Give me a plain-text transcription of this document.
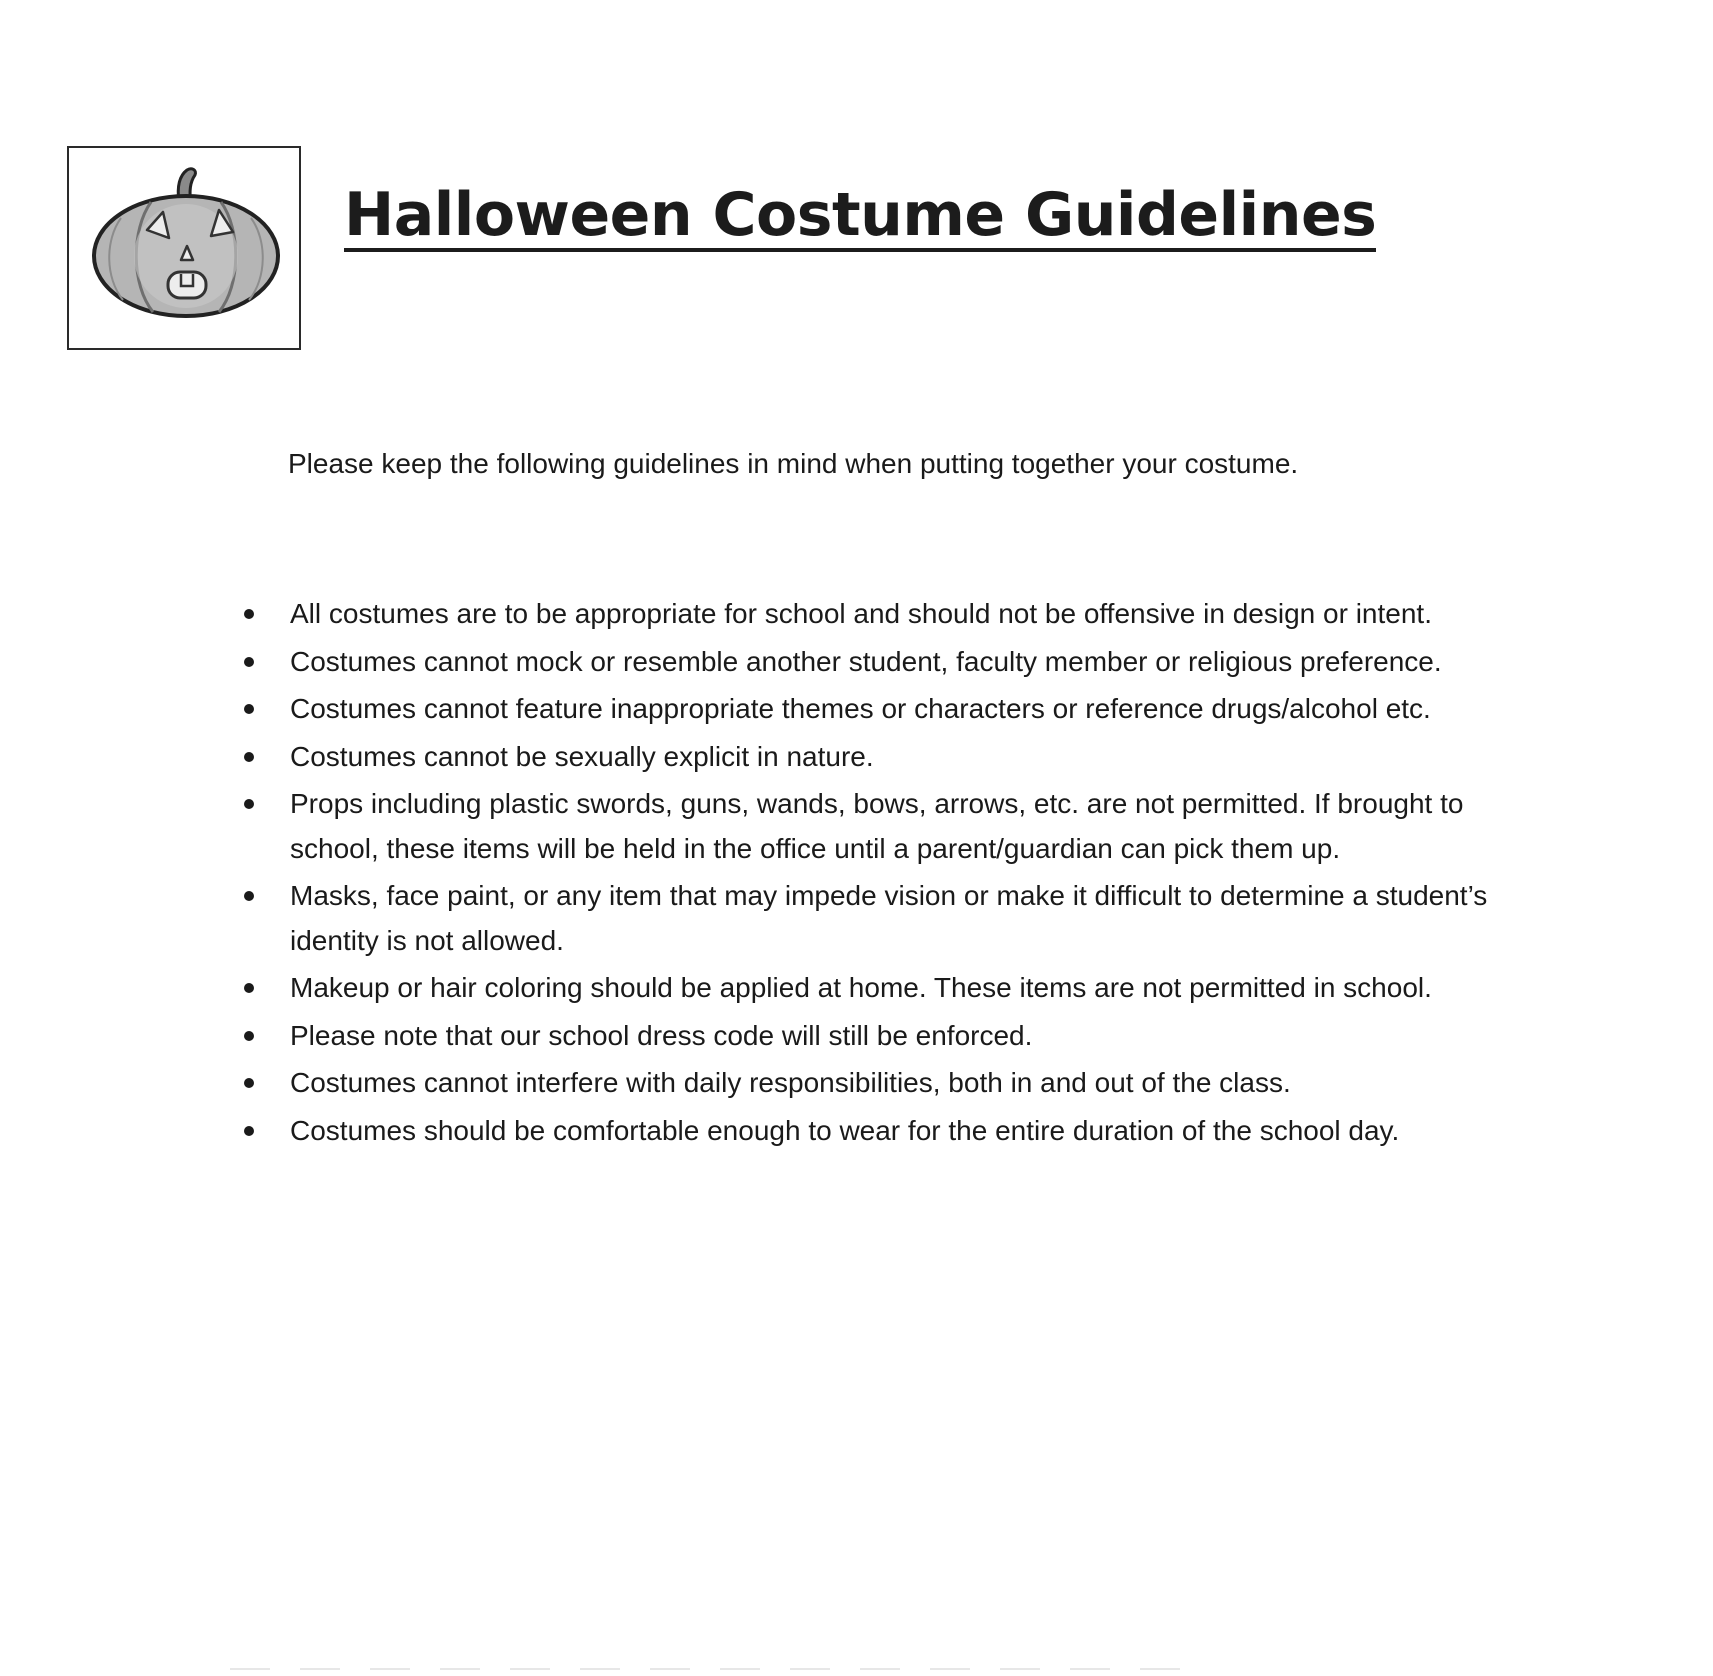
Halloween Costume Guidelines

Please keep the following guidelines in mind when putting together your costume.

All costumes are to be appropriate for school and should not be offensive in design or intent.
Costumes cannot mock or resemble another student, faculty member or religious preference.
Costumes cannot feature inappropriate themes or characters or reference drugs/alcohol etc.
Costumes cannot be sexually explicit in nature.
Props including plastic swords, guns, wands, bows, arrows, etc. are not permitted. If brought to school, these items will be held in the office until a parent/guardian can pick them up.
Masks, face paint, or any item that may impede vision or make it difficult to determine a student’s identity is not allowed.
Makeup or hair coloring should be applied at home. These items are not permitted in school.
Please note that our school dress code will still be enforced.
Costumes cannot interfere with daily responsibilities, both in and out of the class.
Costumes should be comfortable enough to wear for the entire duration of the school day.
